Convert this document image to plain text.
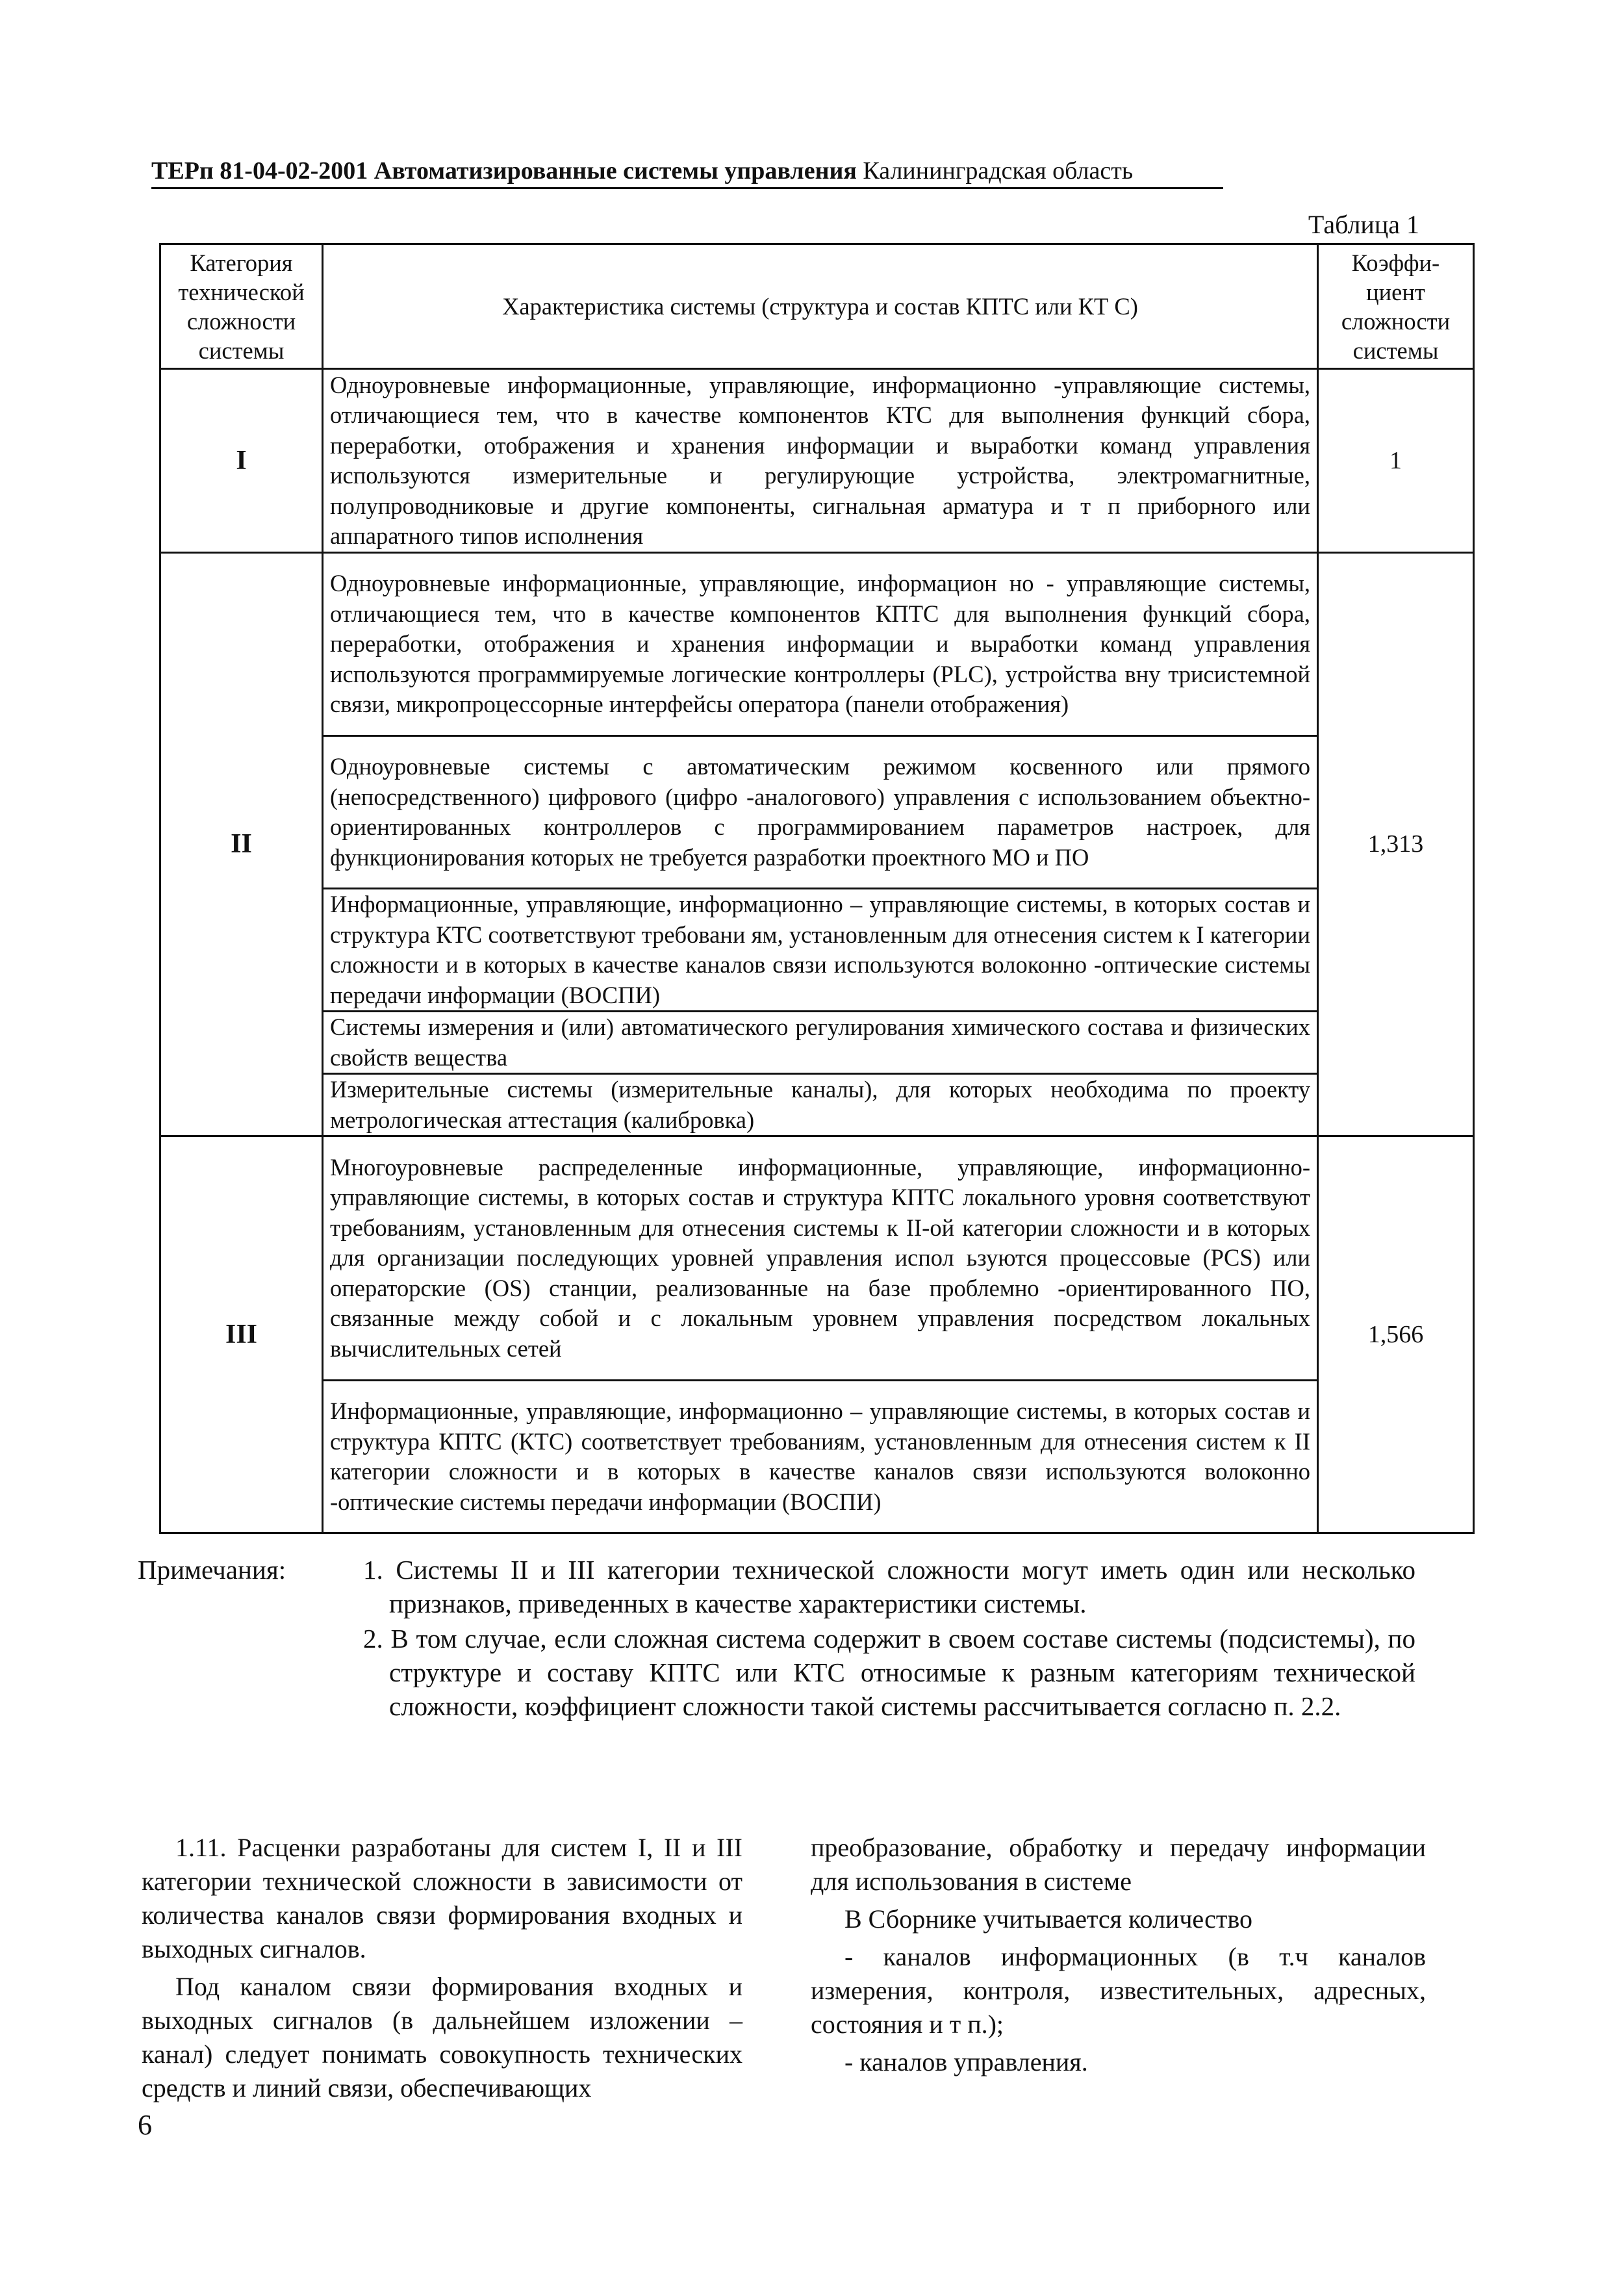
ТЕРп 81-04-02-2001 Автоматизированные системы управления Калининградская область
Таблица 1
Категория технической сложности системы	Характеристика системы (структура и состав КПТС или КТ С)	Коэффи-циент сложности системы
I	Одноуровневые информационные, управляющие, информационно -управляющие системы, отличающиеся тем, что в качестве компонентов КТС для выполнения функций сбора, переработки, отображения и хранения информации и выработки команд управления используются измерительные и регулирующие устройства, электромагнитные, полупроводниковые и другие компоненты, сигнальная арматура и т п приборного или аппаратного типов исполнения	1
II	Одноуровневые информационные, управляющие, информацион но - управляющие системы, отличающиеся тем, что в качестве компонентов КПТС для выполнения функций сбора, переработки, отображения и хранения информации и выработки команд управления используются программируемые логические контроллеры (PLC), устройства вну трисистемной связи, микропроцессорные интерфейсы оператора (панели отображения)	1,313
	Одноуровневые системы с автоматическим режимом косвенного или прямого (непосредственного) цифрового (цифро -аналогового) управления с использованием объектно-ориентированных контроллеров с программированием параметров настроек, для функционирования которых не требуется разработки проектного МО и ПО	
	Информационные, управляющие, информационно – управляющие системы, в которых состав и структура КТС соответствуют требовани ям, установленным для отнесения систем к I категории сложности и в которых в качестве каналов связи используются волоконно -оптические системы передачи информации (ВОСПИ)	
	Системы измерения и (или) автоматического регулирования химического состава и физических свойств вещества	
	Измерительные системы (измерительные каналы), для которых необходима по проекту метрологическая аттестация (калибровка)	
III	Многоуровневые распределенные информационные, управляющие, информационно-управляющие системы, в которых состав и структура КПТС локального уровня соответствуют требованиям, установленным для отнесения системы к II-ой категории сложности и в которых для организации последующих уровней управления испол ьзуются процессовые (PCS) или операторские (OS) станции, реализованные на базе проблемно -ориентированного ПО, связанные между собой и с локальным уровнем управления посредством локальных вычислительных сетей	1,566
	Информационные, управляющие, информационно – управляющие системы, в которых состав и структура КПТС (КТС) соответствует требованиям, установленным для отнесения систем к II категории сложности и в которых в качестве каналов связи используются волоконно -оптические системы передачи информации (ВОСПИ)	
Примечания:	1. Системы II и III категории технической сложности могут иметь один или несколько признаков, приведенных в качестве характеристики системы.
2. В том случае, если сложная система содержит в своем составе системы (подсистемы), по структуре и составу КПТС или КТС относимые к разным категориям технической сложности, коэффициент сложности такой системы рассчитывается согласно п. 2.2.

1.11. Расценки разработаны для систем I, II и III категории технической сложности в зависимости от количества каналов связи формирования входных и выходных сигналов.

Под каналом связи формирования входных и выходных сигналов (в дальнейшем изложении – канал) следует понимать совокупность технических средств и линий связи, обеспечивающих

преобразование, обработку и передачу информации для использования в системе

В Сборнике учитывается количество

- каналов информационных (в т.ч каналов измерения, контроля, известительных, адресных, состояния и т п.);

- каналов управления.

6
